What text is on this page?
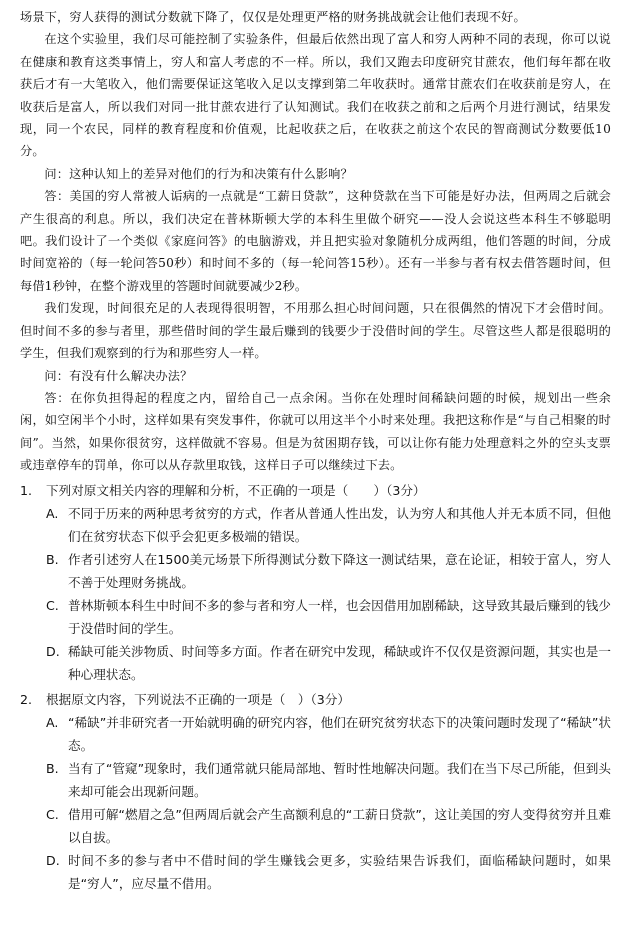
场景下，穷人获得的测试分数就下降了，仅仅是处理更严格的财务挑战就会让他们表现不好。

在这个实验里，我们尽可能控制了实验条件，但最后依然出现了富人和穷人两种不同的表现，你可以说在健康和教育这类事情上，穷人和富人考虑的不一样。所以，我们又跑去印度研究甘蔗农，他们每年都在收获后才有一大笔收入，他们需要保证这笔收入足以支撑到第二年收获时。通常甘蔗农们在收获前是穷人，在收获后是富人，所以我们对同一批甘蔗农进行了认知测试。我们在收获之前和之后两个月进行测试，结果发现，同一个农民，同样的教育程度和价值观，比起收获之后，在收获之前这个农民的智商测试分数要低10分。

问：这种认知上的差异对他们的行为和决策有什么影响？

答：美国的穷人常被人诟病的一点就是“工薪日贷款”，这种贷款在当下可能是好办法，但两周之后就会产生很高的利息。所以，我们决定在普林斯顿大学的本科生里做个研究——没人会说这些本科生不够聪明吧。我们设计了一个类似《家庭问答》的电脑游戏，并且把实验对象随机分成两组，他们答题的时间，分成时间宽裕的（每一轮问答50秒）和时间不多的（每一轮问答15秒）。还有一半参与者有权去借答题时间，但每借1秒钟，在整个游戏里的答题时间就要减少2秒。

我们发现，时间很充足的人表现得很明智，不用那么担心时间问题，只在很偶然的情况下才会借时间。但时间不多的参与者里，那些借时间的学生最后赚到的钱要少于没借时间的学生。尽管这些人都是很聪明的学生，但我们观察到的行为和那些穷人一样。

问：有没有什么解决办法？

答：在你负担得起的程度之内，留给自己一点余闲。当你在处理时间稀缺问题的时候，规划出一些余闲，如空闲半个小时，这样如果有突发事件，你就可以用这半个小时来处理。我把这称作是“与自己相聚的时间”。当然，如果你很贫穷，这样做就不容易。但是为贫困期存钱，可以让你有能力处理意料之外的空头支票或违章停车的罚单，你可以从存款里取钱，这样日子可以继续过下去。

1.	下列对原文相关内容的理解和分析，不正确的一项是（　　）（3分）
A. 不同于历来的两种思考贫穷的方式，作者从普通人性出发，认为穷人和其他人并无本质不同，但他们在贫穷状态下似乎会犯更多极端的错误。
B. 作者引述穷人在1500美元场景下所得测试分数下降这一测试结果，意在论证，相较于富人，穷人不善于处理财务挑战。
C. 普林斯顿本科生中时间不多的参与者和穷人一样，也会因借用加剧稀缺，这导致其最后赚到的钱少于没借时间的学生。
D. 稀缺可能关涉物质、时间等多方面。作者在研究中发现，稀缺或许不仅仅是资源问题，其实也是一种心理状态。
2.	根据原文内容，下列说法不正确的一项是（　）（3分）
A. “稀缺”并非研究者一开始就明确的研究内容，他们在研究贫穷状态下的决策问题时发现了“稀缺”状态。
B. 当有了“管窥”现象时，我们通常就只能局部地、暂时性地解决问题。我们在当下尽己所能，但到头来却可能会出现新问题。
C. 借用可解“燃眉之急”但两周后就会产生高额利息的“工薪日贷款”，这让美国的穷人变得贫穷并且难以自拔。
D. 时间不多的参与者中不借时间的学生赚钱会更多，实验结果告诉我们，面临稀缺问题时，如果是“穷人”，应尽量不借用。
